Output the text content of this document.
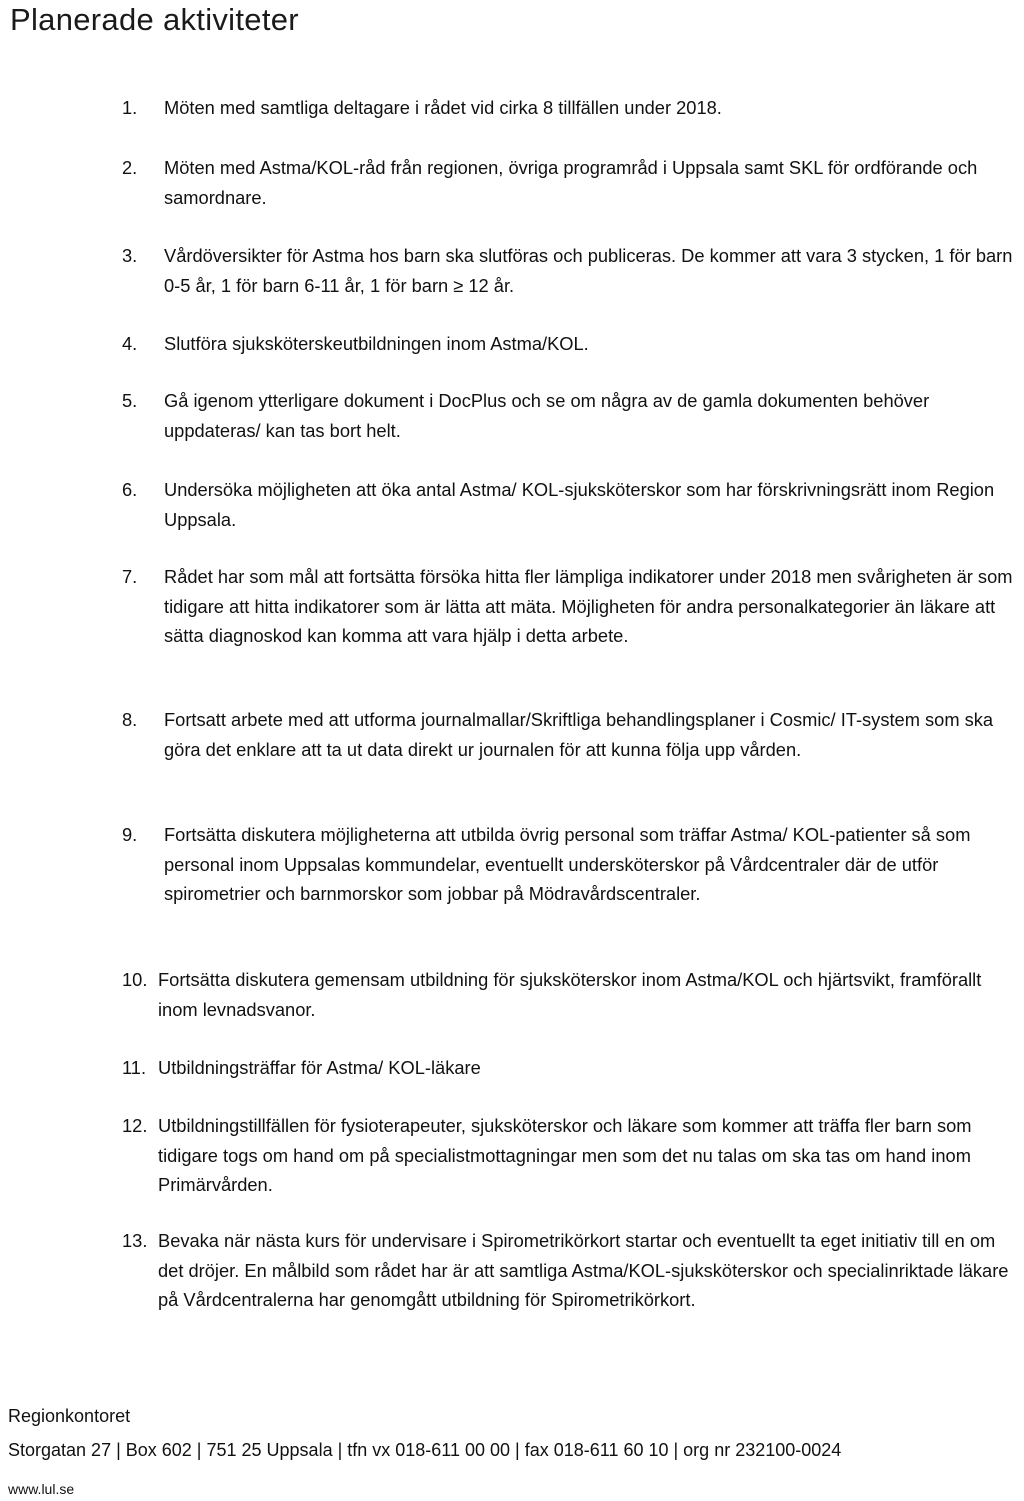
Planerade aktiviteter
1.	Möten med samtliga deltagare i rådet vid cirka 8 tillfällen under 2018.
2.	Möten med Astma/KOL-råd från regionen, övriga programråd i Uppsala samt SKL för ordförande och samordnare.
3.	Vårdöversikter för Astma hos barn ska slutföras och publiceras. De kommer att vara 3 stycken, 1 för barn 0-5 år, 1 för barn 6-11 år, 1 för barn ≥ 12 år.
4.	Slutföra sjuksköterskeutbildningen inom Astma/KOL.
5.	Gå igenom ytterligare dokument i DocPlus och se om några av de gamla dokumenten behöver uppdateras/ kan tas bort helt.
6.	Undersöka möjligheten att öka antal Astma/ KOL-sjuksköterskor som har förskrivningsrätt inom Region Uppsala.
7.	Rådet har som mål att fortsätta försöka hitta fler lämpliga indikatorer under 2018 men svårigheten är som tidigare att hitta indikatorer som är lätta att mäta. Möjligheten för andra personalkategorier än läkare att sätta diagnoskod kan komma att vara hjälp i detta arbete.
8.	Fortsatt arbete med att utforma journalmallar/Skriftliga behandlingsplaner i Cosmic/ IT-system som ska göra det enklare att ta ut data direkt ur journalen för att kunna följa upp vården.
9.	Fortsätta diskutera möjligheterna att utbilda övrig personal som träffar Astma/ KOL-patienter så som personal inom Uppsalas kommundelar, eventuellt undersköterskor på Vårdcentraler där de utför spirometrier och barnmorskor som jobbar på Mödravårdscentraler.
10. Fortsätta diskutera gemensam utbildning för sjuksköterskor inom Astma/KOL och hjärtsvikt, framförallt inom levnadsvanor.
11. Utbildningsträffar för Astma/ KOL-läkare
12. Utbildningstillfällen för fysioterapeuter, sjuksköterskor och läkare som kommer att träffa fler barn som tidigare togs om hand om på specialistmottagningar men som det nu talas om ska tas om hand inom Primärvården.
13. Bevaka när nästa kurs för undervisare i Spirometrikörkort startar och eventuellt ta eget initiativ till en om det dröjer. En målbild som rådet har är att samtliga Astma/KOL-sjuksköterskor och specialinriktade läkare på Vårdcentralerna har genomgått utbildning för Spirometrikörkort.
Regionkontoret
Storgatan 27 | Box 602 | 751 25 Uppsala | tfn vx 018-611 00 00 | fax 018-611 60 10 | org nr 232100-0024
www.lul.se
